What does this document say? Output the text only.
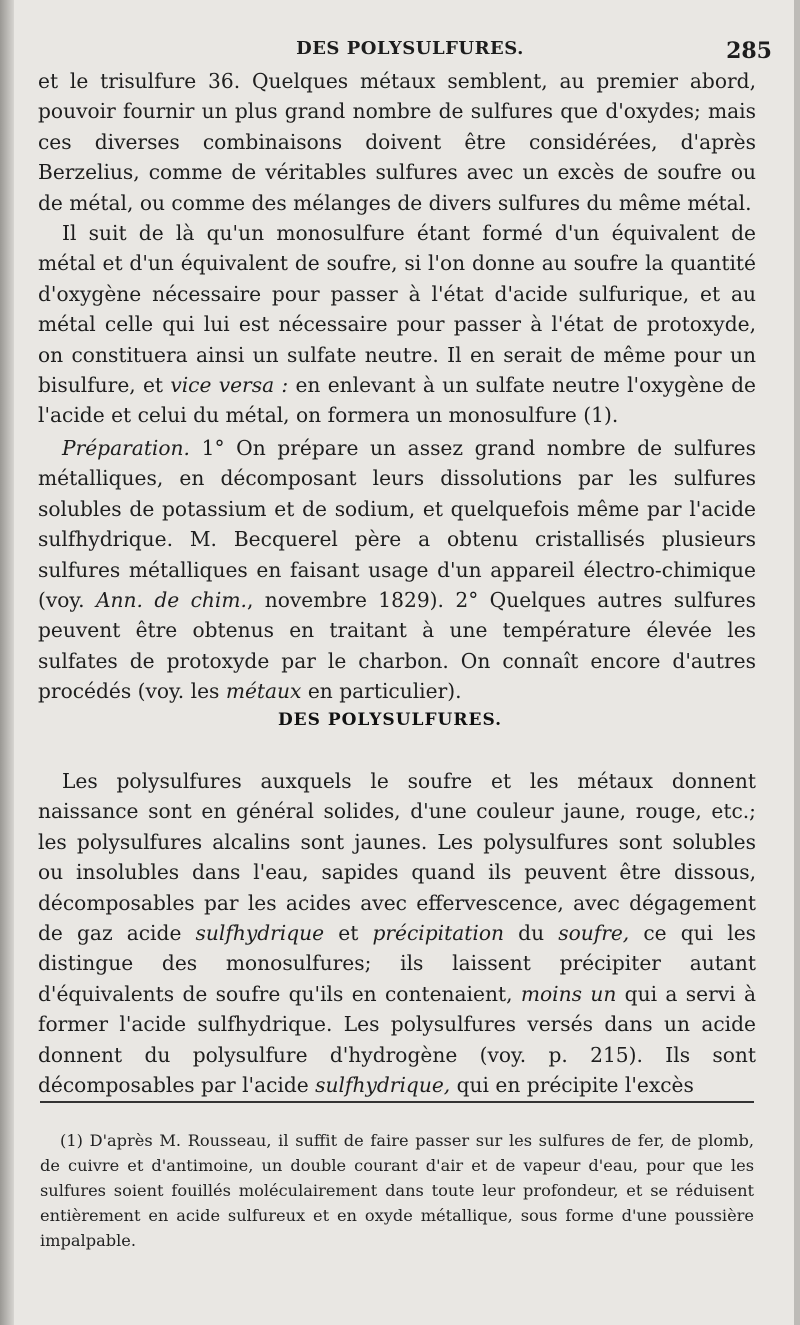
DES POLYSULFURES.	285

et le trisulfure 36. Quelques métaux semblent, au premier abord, pouvoir fournir un plus grand nombre de sulfures que d'oxydes; mais ces diverses combinaisons doivent être considérées, d'après Berzelius, comme de véritables sulfures avec un excès de soufre ou de métal, ou comme des mélanges de divers sulfures du même métal.

Il suit de là qu'un monosulfure étant formé d'un équivalent de métal et d'un équivalent de soufre, si l'on donne au soufre la quantité d'oxygène nécessaire pour passer à l'état d'acide sulfurique, et au métal celle qui lui est nécessaire pour passer à l'état de protoxyde, on constituera ainsi un sulfate neutre. Il en serait de même pour un bisulfure, et vice versa : en enlevant à un sulfate neutre l'oxygène de l'acide et celui du métal, on formera un monosulfure (1).

Préparation. 1° On prépare un assez grand nombre de sulfures métalliques, en décomposant leurs dissolutions par les sulfures solubles de potassium et de sodium, et quelquefois même par l'acide sulfhydrique. M. Becquerel père a obtenu cristallisés plusieurs sulfures métalliques en faisant usage d'un appareil électro-chimique (voy. Ann. de chim., novembre 1829). 2° Quelques autres sulfures peuvent être obtenus en traitant à une température élevée les sulfates de protoxyde par le charbon. On connaît encore d'autres procédés (voy. les métaux en particulier).

DES POLYSULFURES.

Les polysulfures auxquels le soufre et les métaux donnent naissance sont en général solides, d'une couleur jaune, rouge, etc.; les polysulfures alcalins sont jaunes. Les polysulfures sont solubles ou insolubles dans l'eau, sapides quand ils peuvent être dissous, décomposables par les acides avec effervescence, avec dégagement de gaz acide sulfhydrique et précipitation du soufre, ce qui les distingue des monosulfures; ils laissent précipiter autant d'équivalents de soufre qu'ils en contenaient, moins un qui a servi à former l'acide sulfhydrique. Les polysulfures versés dans un acide donnent du polysulfure d'hydrogène (voy. p. 215). Ils sont décomposables par l'acide sulfhydrique, qui en précipite l'excès

(1) D'après M. Rousseau, il suffit de faire passer sur les sulfures de fer, de plomb, de cuivre et d'antimoine, un double courant d'air et de vapeur d'eau, pour que les sulfures soient fouillés moléculairement dans toute leur profondeur, et se réduisent entièrement en acide sulfureux et en oxyde métallique, sous forme d'une poussière impalpable.
